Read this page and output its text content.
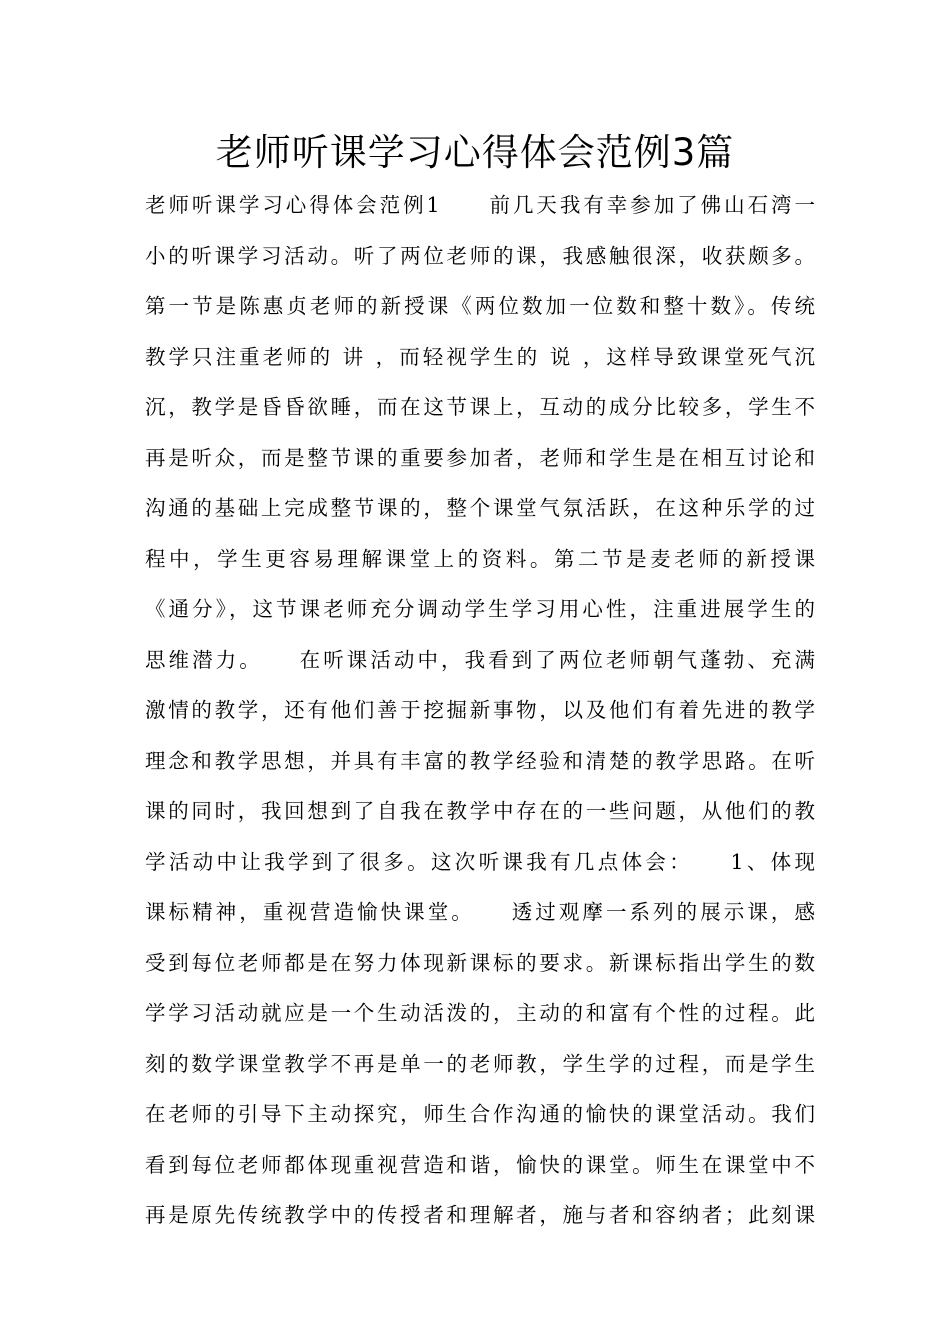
老师听课学习心得体会范例3篇
老师听课学习心得体会范例1　　前几天我有幸参加了佛山石湾一
小的听课学习活动。听了两位老师的课，我感触很深，收获颇多。
第一节是陈惠贞老师的新授课《两位数加一位数和整十数》。传统
教学只注重老师的 讲 ，而轻视学生的 说 ，这样导致课堂死气沉
沉，教学是昏昏欲睡，而在这节课上，互动的成分比较多，学生不
再是听众，而是整节课的重要参加者，老师和学生是在相互讨论和
沟通的基础上完成整节课的，整个课堂气氛活跃，在这种乐学的过
程中，学生更容易理解课堂上的资料。第二节是麦老师的新授课
《通分》，这节课老师充分调动学生学习用心性，注重进展学生的
思维潜力。　　在听课活动中，我看到了两位老师朝气蓬勃、充满
激情的教学，还有他们善于挖掘新事物，以及他们有着先进的教学
理念和教学思想，并具有丰富的教学经验和清楚的教学思路。在听
课的同时，我回想到了自我在教学中存在的一些问题，从他们的教
学活动中让我学到了很多。这次听课我有几点体会：　　1、体现
课标精神，重视营造愉快课堂。　　透过观摩一系列的展示课，感
受到每位老师都是在努力体现新课标的要求。新课标指出学生的数
学学习活动就应是一个生动活泼的，主动的和富有个性的过程。此
刻的数学课堂教学不再是单一的老师教，学生学的过程，而是学生
在老师的引导下主动探究，师生合作沟通的愉快的课堂活动。我们
看到每位老师都体现重视营造和谐，愉快的课堂。师生在课堂中不
再是原先传统教学中的传授者和理解者，施与者和容纳者；此刻课
